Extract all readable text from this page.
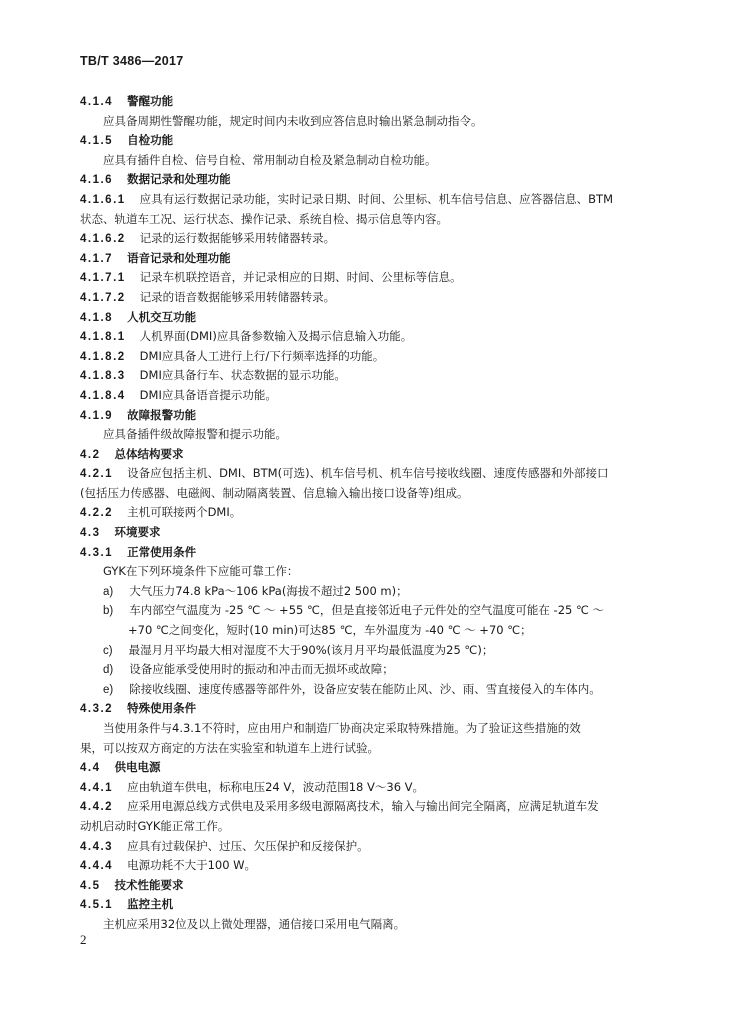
TB/T 3486—2017
4.1.4 警醒功能
应具备周期性警醒功能，规定时间内未收到应答信息时输出紧急制动指令。
4.1.5 自检功能
应具有插件自检、信号自检、常用制动自检及紧急制动自检功能。
4.1.6 数据记录和处理功能
4.1.6.1 应具有运行数据记录功能，实时记录日期、时间、公里标、机车信号信息、应答器信息、BTM
状态、轨道车工况、运行状态、操作记录、系统自检、揭示信息等内容。
4.1.6.2 记录的运行数据能够采用转储器转录。
4.1.7 语音记录和处理功能
4.1.7.1 记录车机联控语音，并记录相应的日期、时间、公里标等信息。
4.1.7.2 记录的语音数据能够采用转储器转录。
4.1.8 人机交互功能
4.1.8.1 人机界面(DMI)应具备参数输入及揭示信息输入功能。
4.1.8.2 DMI应具备人工进行上行/下行频率选择的功能。
4.1.8.3 DMI应具备行车、状态数据的显示功能。
4.1.8.4 DMI应具备语音提示功能。
4.1.9 故障报警功能
应具备插件级故障报警和提示功能。
4.2 总体结构要求
4.2.1 设备应包括主机、DMI、BTM(可选)、机车信号机、机车信号接收线圈、速度传感器和外部接口
(包括压力传感器、电磁阀、制动隔离装置、信息输入输出接口设备等)组成。
4.2.2 主机可联接两个DMI。
4.3 环境要求
4.3.1 正常使用条件
GYK在下列环境条件下应能可靠工作：
a) 大气压力74.8 kPa～106 kPa(海拔不超过2 500 m)；
b) 车内部空气温度为 -25 ℃ ～ +55 ℃，但是直接邻近电子元件处的空气温度可能在 -25 ℃ ～
+70 ℃之间变化，短时(10 min)可达85 ℃，车外温度为 -40 ℃ ～ +70 ℃；
c) 最湿月月平均最大相对湿度不大于90%(该月月平均最低温度为25 ℃)；
d) 设备应能承受使用时的振动和冲击而无损坏或故障；
e) 除接收线圈、速度传感器等部件外，设备应安装在能防止风、沙、雨、雪直接侵入的车体内。
4.3.2 特殊使用条件
当使用条件与4.3.1不符时，应由用户和制造厂协商决定采取特殊措施。为了验证这些措施的效
果，可以按双方商定的方法在实验室和轨道车上进行试验。
4.4 供电电源
4.4.1 应由轨道车供电，标称电压24 V，波动范围18 V～36 V。
4.4.2 应采用电源总线方式供电及采用多级电源隔离技术，输入与输出间完全隔离，应满足轨道车发
动机启动时GYK能正常工作。
4.4.3 应具有过载保护、过压、欠压保护和反接保护。
4.4.4 电源功耗不大于100 W。
4.5 技术性能要求
4.5.1 监控主机
主机应采用32位及以上微处理器，通信接口采用电气隔离。
2
